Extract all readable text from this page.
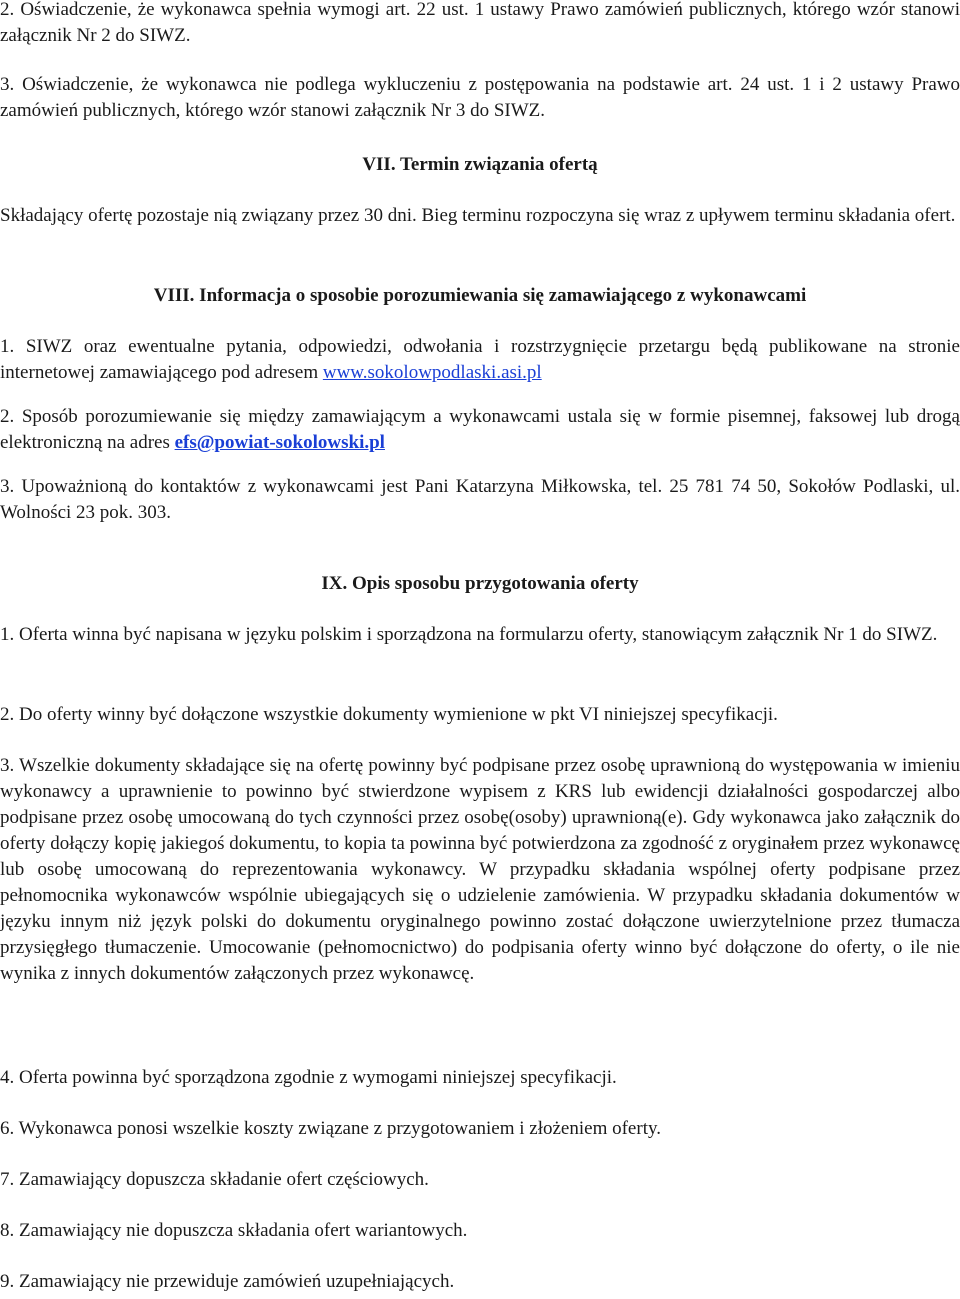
2. Oświadczenie, że wykonawca spełnia wymogi art. 22 ust. 1 ustawy Prawo zamówień publicznych, którego wzór stanowi załącznik Nr 2 do SIWZ.

3. Oświadczenie, że wykonawca nie podlega wykluczeniu z postępowania na podstawie art. 24 ust. 1 i 2 ustawy Prawo zamówień publicznych, którego wzór stanowi załącznik Nr 3 do SIWZ.

VII. Termin związania ofertą

Składający ofertę pozostaje nią związany przez 30 dni. Bieg terminu rozpoczyna się wraz z upływem terminu składania ofert.

VIII. Informacja o sposobie porozumiewania się zamawiającego z wykonawcami

1. SIWZ oraz ewentualne pytania, odpowiedzi, odwołania i rozstrzygnięcie przetargu będą publikowane na stronie internetowej zamawiającego pod adresem www.sokolowpodlaski.asi.pl

2. Sposób porozumiewanie się między zamawiającym a wykonawcami ustala się w formie pisemnej, faksowej lub drogą elektroniczną na adres efs@powiat-sokolowski.pl

3. Upoważnioną do kontaktów z wykonawcami jest Pani Katarzyna Miłkowska, tel. 25 781 74 50, Sokołów Podlaski, ul. Wolności 23 pok. 303.

IX. Opis sposobu przygotowania oferty

1. Oferta winna być napisana w języku polskim i sporządzona na formularzu oferty, stanowiącym załącznik Nr 1 do SIWZ.

2. Do oferty winny być dołączone wszystkie dokumenty wymienione w pkt VI niniejszej specyfikacji.

3. Wszelkie dokumenty składające się na ofertę powinny być podpisane przez osobę uprawnioną do występowania w imieniu wykonawcy a uprawnienie to powinno być stwierdzone wypisem z KRS lub ewidencji działalności gospodarczej albo podpisane przez osobę umocowaną do tych czynności przez osobę(osoby) uprawnioną(e). Gdy wykonawca jako załącznik do oferty dołączy kopię jakiegoś dokumentu, to kopia ta powinna być potwierdzona za zgodność z oryginałem przez wykonawcę lub osobę umocowaną do reprezentowania wykonawcy. W przypadku składania wspólnej oferty podpisane przez pełnomocnika wykonawców wspólnie ubiegających się o udzielenie zamówienia. W przypadku składania dokumentów w języku innym niż język polski do dokumentu oryginalnego powinno zostać dołączone uwierzytelnione przez tłumacza przysięgłego tłumaczenie. Umocowanie (pełnomocnictwo) do podpisania oferty winno być dołączone do oferty, o ile nie wynika z innych dokumentów załączonych przez wykonawcę.

4. Oferta powinna być sporządzona zgodnie z wymogami niniejszej specyfikacji.

6. Wykonawca ponosi wszelkie koszty związane z przygotowaniem i złożeniem oferty.

7. Zamawiający dopuszcza składanie ofert częściowych.

8. Zamawiający nie dopuszcza składania ofert wariantowych.

9. Zamawiający nie przewiduje zamówień uzupełniających.
